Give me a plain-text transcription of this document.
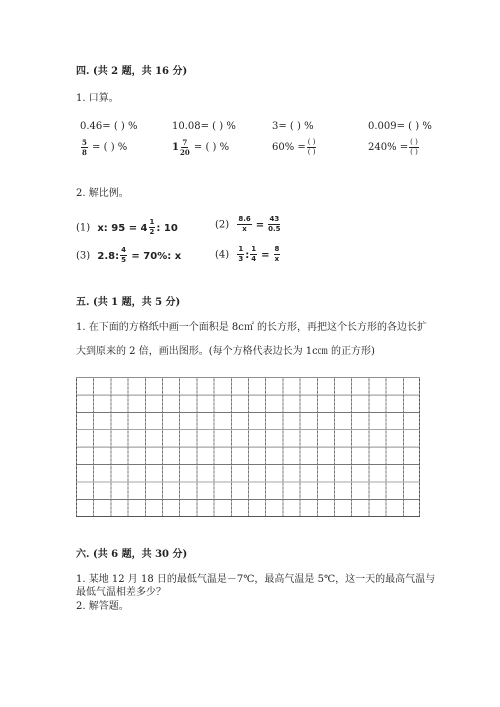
四. (共 2 题，共 16 分)
1. 口算。
0.46= ( ) %	10.08= ( ) %	3= ( ) %	0.009= ( ) %
$\frac{5}{8}$ = ( ) %	$1 \frac{7}{20}$ = ( ) %	$60\% = \frac{( )}{( )}$	$240\% = \frac{( )}{( )}$
2. 解比例。
(1) x: $95 = 4 \frac{1}{2}$ : 10	$(2) \frac{8.6}{x} = \frac{43}{0.5}$
(3) 2.8: $\frac{4}{5} = 70\%$: x	$(4) \frac{1}{3}$ : $\frac{1}{4} = \frac{8}{x}$
五. (共 1 题，共 5 分)
1. 在下面的方格纸中画一个面积是 8c㎡ 的长方形，再把这个长方形的各边长扩
大到原来的 2 倍，画出图形。(每个方格代表边长为 1c㎝ 的正方形)
六. (共 6 题，共 30 分)
1. 某地 12 月 18 日的最低气温是－7℃，最高气温是 5℃，这一天的最高气温与
最低气温相差多少？
2. 解答题。
